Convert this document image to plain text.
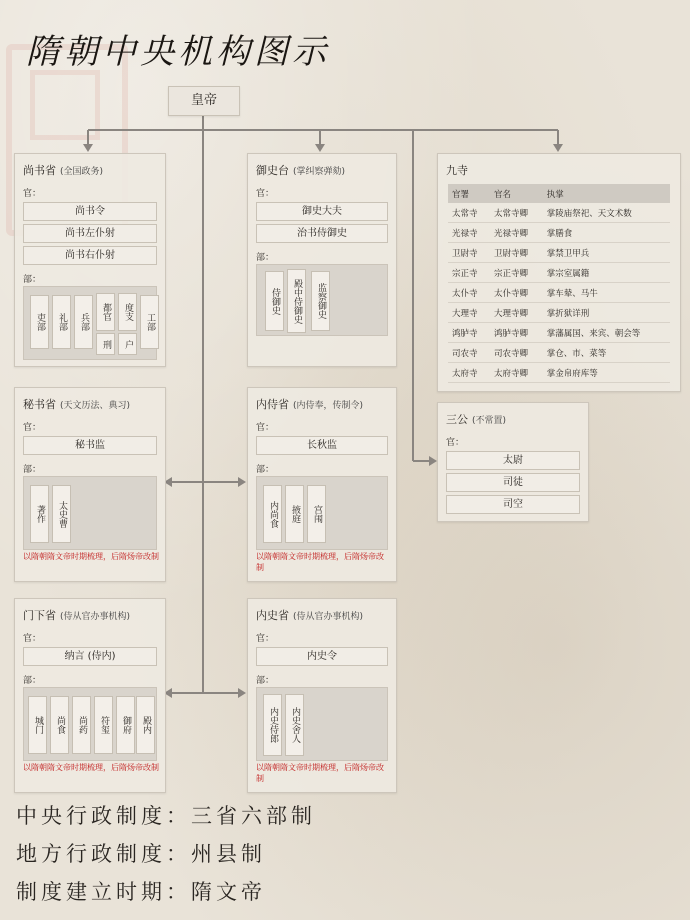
隋朝中央机构图示
皇帝
尚书省 (全国政务)
官：
尚书令
尚书左仆射
尚书右仆射
部：
吏部	礼部	兵部
都官
刑
度支
户
工部
御史台 (掌纠察弹劾)
官：
御史大夫
治书侍御史
部：
侍御史	殿中侍御史	监察御史
九寺
官署	官名	执掌
太常寺	太常寺卿	掌陵庙祭祀、天文术数
光禄寺	光禄寺卿	掌膳食
卫尉寺	卫尉寺卿	掌禁卫甲兵
宗正寺	宗正寺卿	掌宗室属籍
太仆寺	太仆寺卿	掌车辇、马牛
大理寺	大理寺卿	掌折狱详刑
鸿胪寺	鸿胪寺卿	掌藩属国、来宾、朝会等
司农寺	司农寺卿	掌仓、市、菜等
太府寺	太府寺卿	掌金帛府库等
三公 (不常置)
官：
太尉
司徒
司空
秘书省 (天文历法、典习)
官：
秘书监
部：
著作	太史曹
以隋朝隋文帝时期梳理，后隋炀帝改制
内侍省 (内侍奉，传制令)
官：
长秋监
部：
内尚食	掖庭	宫闱
以隋朝隋文帝时期梳理，后隋炀帝改制
门下省 (侍从官办事机构)
官：
纳言 (侍内)
部：
城门	尚食	尚药	符玺	御府	殿内
以隋朝隋文帝时期梳理，后隋炀帝改制
内史省 (侍从官办事机构)
官：
内史令
部：
内史侍郎	内史舍人
以隋朝隋文帝时期梳理，后隋炀帝改制
中央行政制度：三省六部制
地方行政制度：州县制
制度建立时期：隋文帝
